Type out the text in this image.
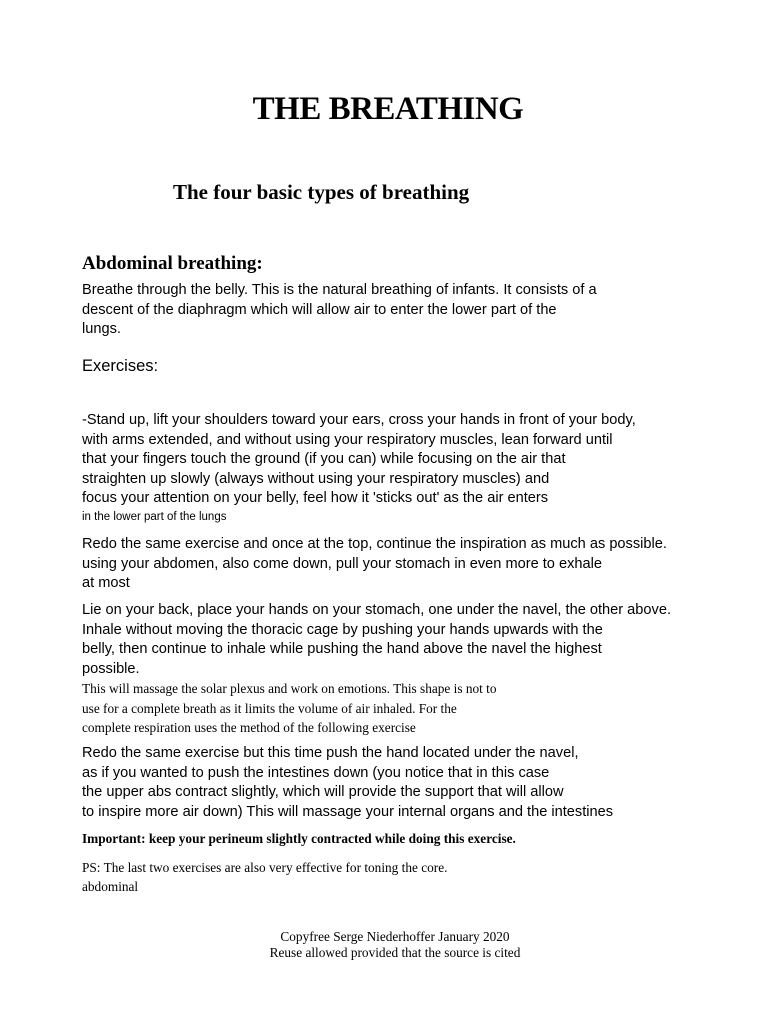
THE BREATHING
The four basic types of breathing
Abdominal breathing:
Breathe through the belly. This is the natural breathing of infants. It consists of a
descent of the diaphragm which will allow air to enter the lower part of the
lungs.
Exercises:
-Stand up, lift your shoulders toward your ears, cross your hands in front of your body,
with arms extended, and without using your respiratory muscles, lean forward until
that your fingers touch the ground (if you can) while focusing on the air that
straighten up slowly (always without using your respiratory muscles) and
focus your attention on your belly, feel how it 'sticks out' as the air enters
in the lower part of the lungs
Redo the same exercise and once at the top, continue the inspiration as much as possible.
using your abdomen, also come down, pull your stomach in even more to exhale
at most
Lie on your back, place your hands on your stomach, one under the navel, the other above.
Inhale without moving the thoracic cage by pushing your hands upwards with the
belly, then continue to inhale while pushing the hand above the navel the highest
possible.
This will massage the solar plexus and work on emotions. This shape is not to
use for a complete breath as it limits the volume of air inhaled. For the
complete respiration uses the method of the following exercise
Redo the same exercise but this time push the hand located under the navel,
as if you wanted to push the intestines down (you notice that in this case
the upper abs contract slightly, which will provide the support that will allow
to inspire more air down) This will massage your internal organs and the intestines
Important: keep your perineum slightly contracted while doing this exercise.
PS: The last two exercises are also very effective for toning the core.
abdominal
Copyfree Serge Niederhoffer January 2020
Reuse allowed provided that the source is cited
